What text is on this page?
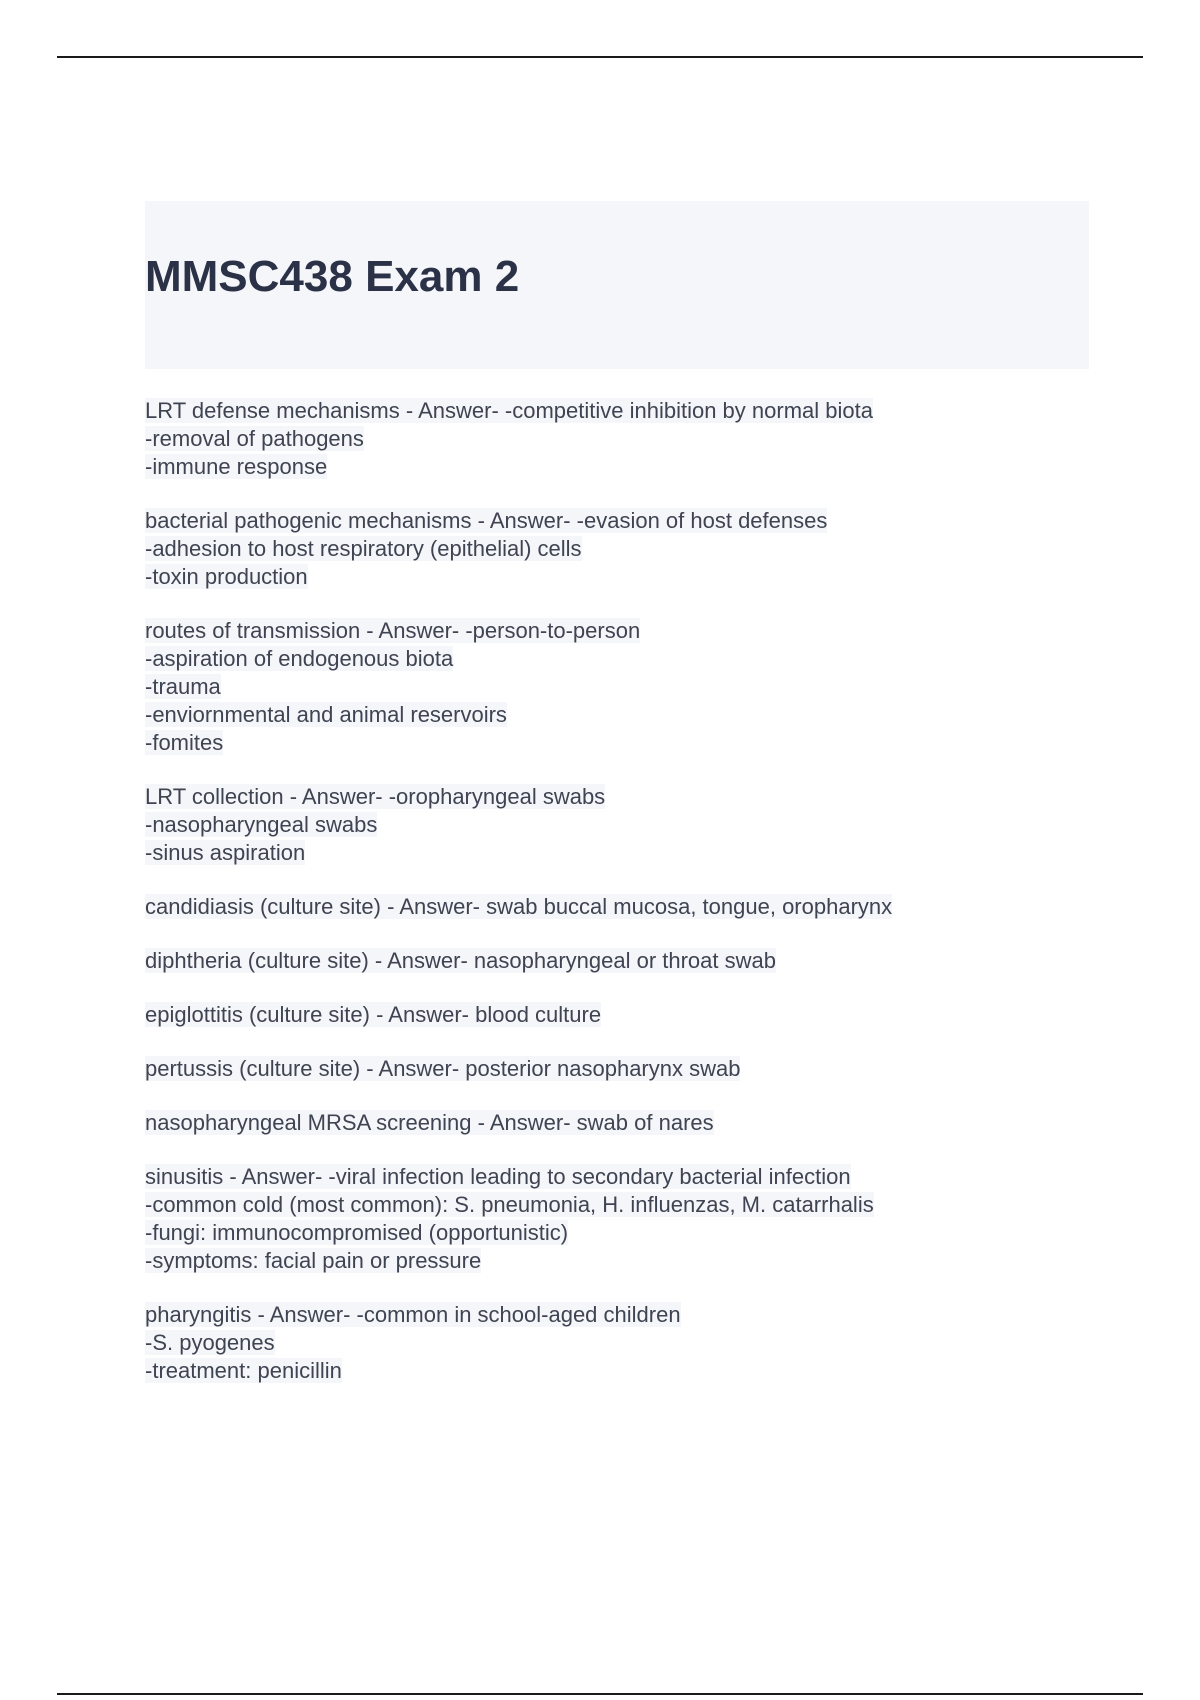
MMSC438 Exam 2
LRT defense mechanisms - Answer- -competitive inhibition by normal biota
-removal of pathogens
-immune response
bacterial pathogenic mechanisms - Answer- -evasion of host defenses
-adhesion to host respiratory (epithelial) cells
-toxin production
routes of transmission - Answer- -person-to-person
-aspiration of endogenous biota
-trauma
-enviornmental and animal reservoirs
-fomites
LRT collection - Answer- -oropharyngeal swabs
-nasopharyngeal swabs
-sinus aspiration
candidiasis (culture site) - Answer- swab buccal mucosa, tongue, oropharynx
diphtheria (culture site) - Answer- nasopharyngeal or throat swab
epiglottitis (culture site) - Answer- blood culture
pertussis (culture site) - Answer- posterior nasopharynx swab
nasopharyngeal MRSA screening - Answer- swab of nares
sinusitis - Answer- -viral infection leading to secondary bacterial infection
-common cold (most common): S. pneumonia, H. influenzas, M. catarrhalis
-fungi: immunocompromised (opportunistic)
-symptoms: facial pain or pressure
pharyngitis - Answer- -common in school-aged children
-S. pyogenes
-treatment: penicillin
